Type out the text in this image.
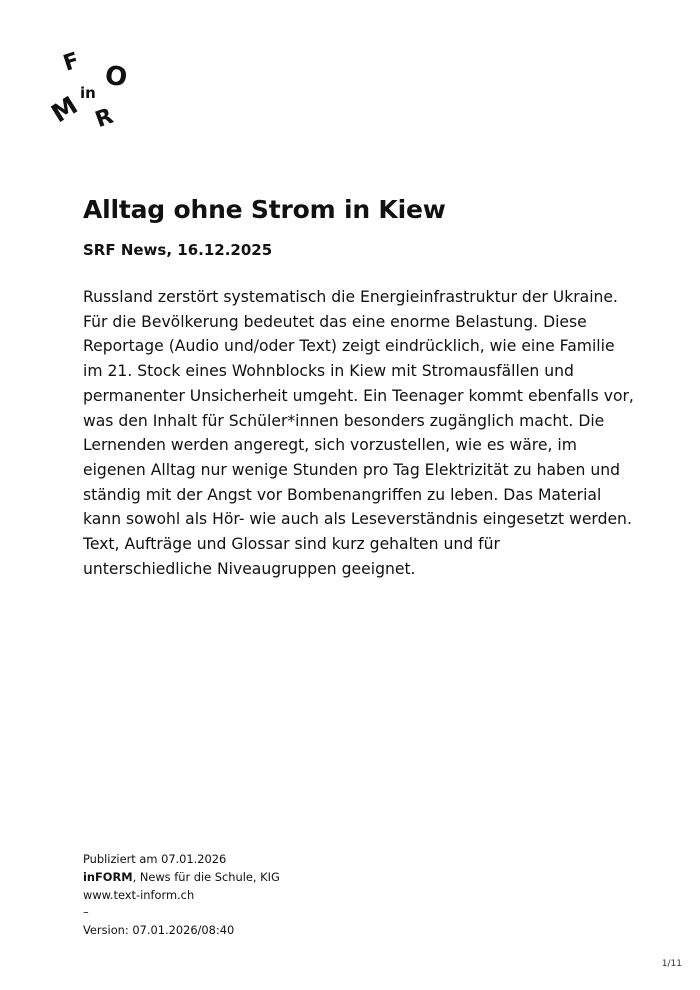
F O
in
M R
Alltag ohne Strom in Kiew
SRF News, 16.12.2025
Russland zerstört systematisch die Energieinfrastruktur der Ukraine.
Für die Bevölkerung bedeutet das eine enorme Belastung. Diese
Reportage (Audio und/oder Text) zeigt eindrücklich, wie eine Familie
im 21. Stock eines Wohnblocks in Kiew mit Stromausfällen und
permanenter Unsicherheit umgeht. Ein Teenager kommt ebenfalls vor,
was den Inhalt für Schüler*innen besonders zugänglich macht. Die
Lernenden werden angeregt, sich vorzustellen, wie es wäre, im
eigenen Alltag nur wenige Stunden pro Tag Elektrizität zu haben und
ständig mit der Angst vor Bombenangriffen zu leben. Das Material
kann sowohl als Hör- wie auch als Leseverständnis eingesetzt werden.
Text, Aufträge und Glossar sind kurz gehalten und für
unterschiedliche Niveaugruppen geeignet.
Publiziert am 07.01.2026
inFORM, News für die Schule, KIG
www.text-inform.ch
–
Version: 07.01.2026/08:40
1/11
